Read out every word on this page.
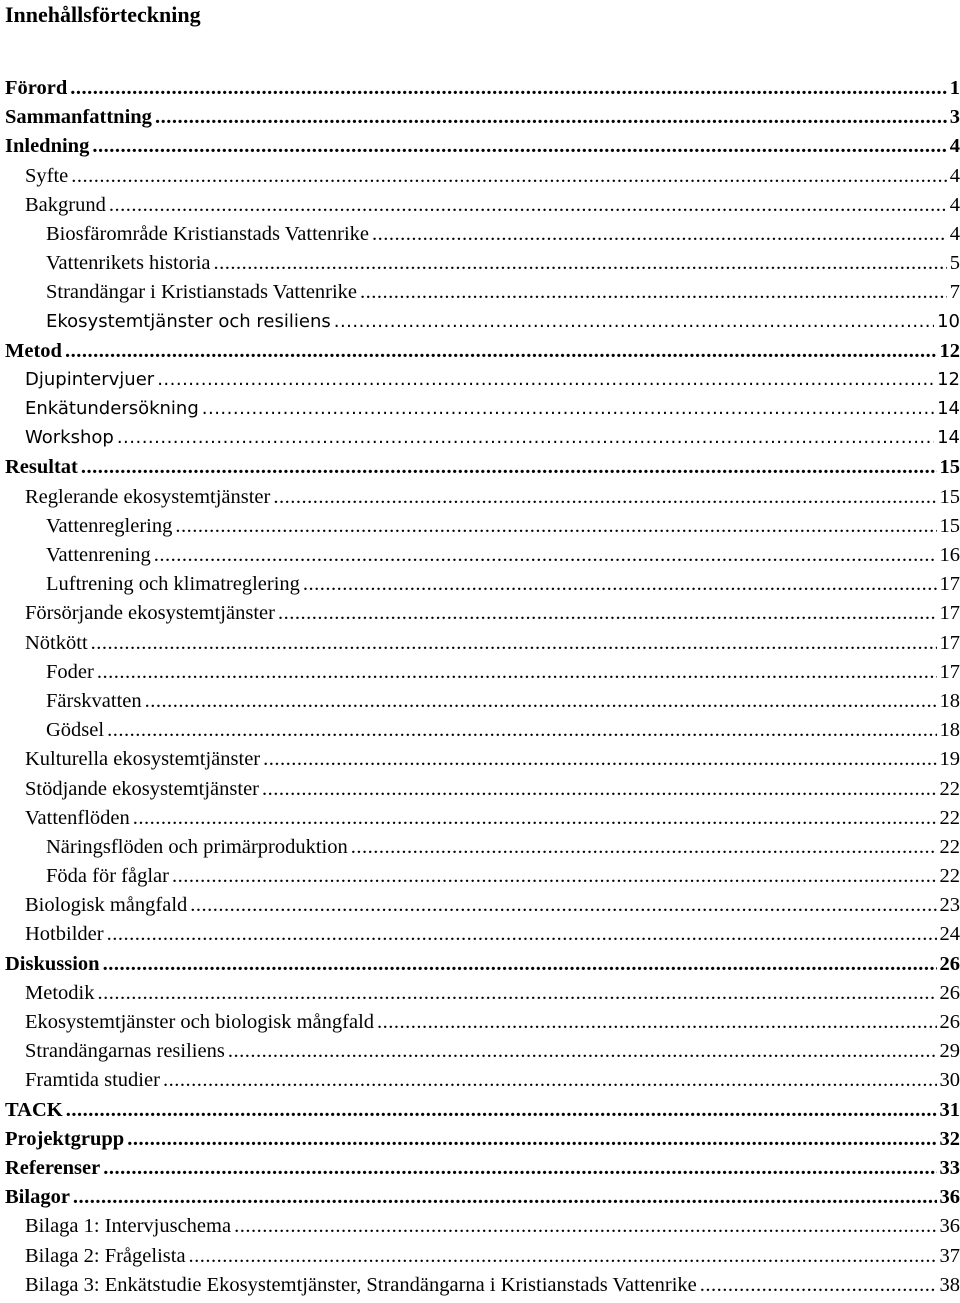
Innehållsförteckning
Förord .....	1
Sammanfattning .....	3
Inledning .....	4
Syfte .....	4
Bakgrund .....	4
Biosfärområde Kristianstads Vattenrike .....	4
Vattenrikets historia .....	5
Strandängar i Kristianstads Vattenrike .....	7
Ekosystemtjänster och resiliens .....	10
Metod .....	12
Djupintervjuer .....	12
Enkätundersökning .....	14
Workshop .....	14
Resultat .....	15
Reglerande ekosystemtjänster .....	15
Vattenreglering .....	15
Vattenrening .....	16
Luftrening och klimatreglering .....	17
Försörjande ekosystemtjänster .....	17
Nötkött .....	17
Foder .....	17
Färskvatten .....	18
Gödsel .....	18
Kulturella ekosystemtjänster .....	19
Stödjande ekosystemtjänster .....	22
Vattenflöden .....	22
Näringsflöden och primärproduktion .....	22
Föda för fåglar .....	22
Biologisk mångfald .....	23
Hotbilder .....	24
Diskussion .....	26
Metodik .....	26
Ekosystemtjänster och biologisk mångfald .....	26
Strandängarnas resiliens .....	29
Framtida studier .....	30
TACK .....	31
Projektgrupp .....	32
Referenser .....	33
Bilagor .....	36
Bilaga 1: Intervjuschema .....	36
Bilaga 2: Frågelista .....	37
Bilaga 3: Enkätstudie Ekosystemtjänster, Strandängarna i Kristianstads Vattenrike .....	38
